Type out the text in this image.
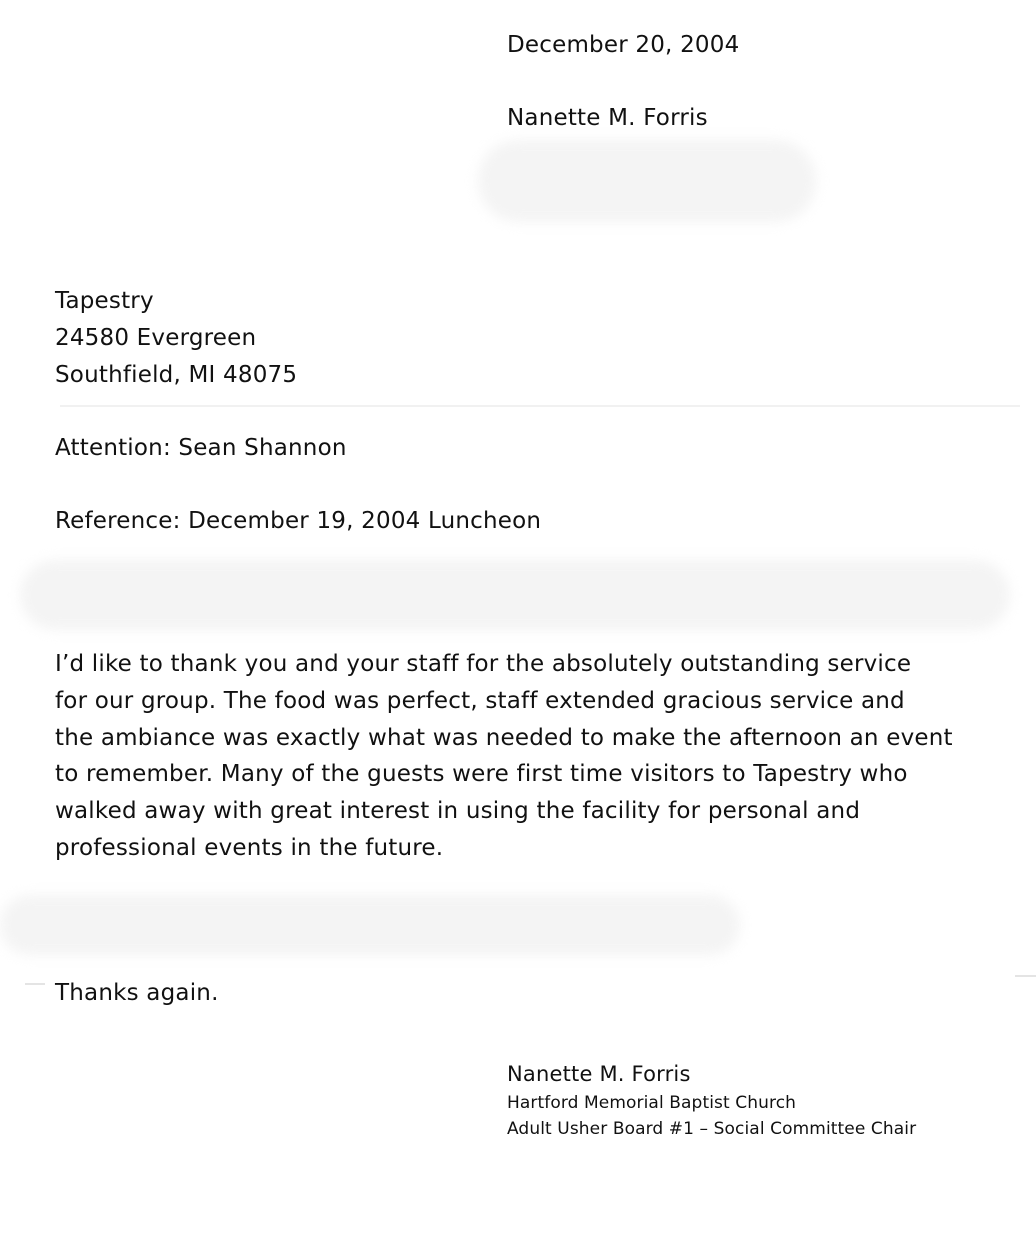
December 20, 2004
Nanette M. Forris
Tapestry
24580 Evergreen
Southfield, MI 48075
Attention: Sean Shannon
Reference: December 19, 2004 Luncheon
I’d like to thank you and your staff for the absolutely outstanding service
for our group. The food was perfect, staff extended gracious service and
the ambiance was exactly what was needed to make the afternoon an event
to remember. Many of the guests were first time visitors to Tapestry who
walked away with great interest in using the facility for personal and
professional events in the future.
Thanks again.
Nanette M. Forris
Hartford Memorial Baptist Church
Adult Usher Board #1 – Social Committee Chair
